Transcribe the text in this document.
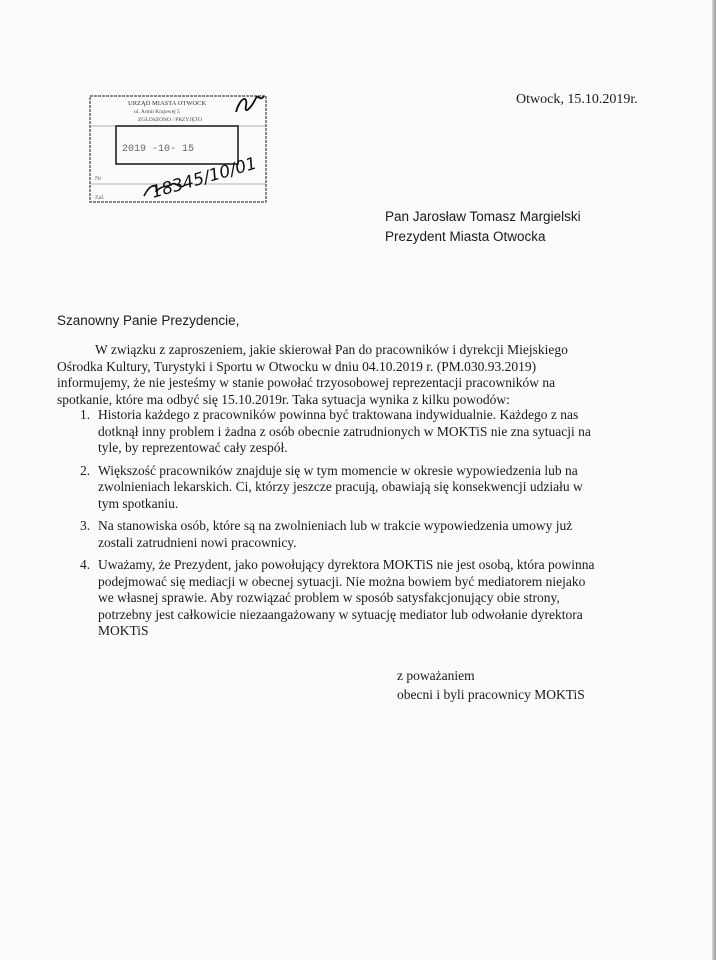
URZĄD MIASTA OTWOCK
ul. Armii Krajowej 5
ZGŁOSZONO / PRZYJĘTO
2019 -10- 15
Nr
Zał.	18345/10/01
Otwock, 15.10.2019r.
Pan Jarosław Tomasz Margielski
Prezydent Miasta Otwocka
Szanowny Panie Prezydencie,
W związku z zaproszeniem, jakie skierował Pan do pracowników i dyrekcji Miejskiego
Ośrodka Kultury, Turystyki i Sportu w Otwocku w dniu 04.10.2019 r. (PM.030.93.2019)
informujemy, że nie jesteśmy w stanie powołać trzyosobowej reprezentacji pracowników na
spotkanie, które ma odbyć się 15.10.2019r. Taka sytuacja wynika z kilku powodów:
1. Historia każdego z pracowników powinna być traktowana indywidualnie. Każdego z nas
dotknął inny problem i żadna z osób obecnie zatrudnionych w MOKTiS nie zna sytuacji na
tyle, by reprezentować cały zespół.
2. Większość pracowników znajduje się w tym momencie w okresie wypowiedzenia lub na
zwolnieniach lekarskich. Ci, którzy jeszcze pracują, obawiają się konsekwencji udziału w
tym spotkaniu.
3. Na stanowiska osób, które są na zwolnieniach lub w trakcie wypowiedzenia umowy już
zostali zatrudnieni nowi pracownicy.
4. Uważamy, że Prezydent, jako powołujący dyrektora MOKTiS nie jest osobą, która powinna
podejmować się mediacji w obecnej sytuacji. Nie można bowiem być mediatorem niejako
we własnej sprawie. Aby rozwiązać problem w sposób satysfakcjonujący obie strony,
potrzebny jest całkowicie niezaangażowany w sytuację mediator lub odwołanie dyrektora
MOKTiS
z poważaniem
obecni i byli pracownicy MOKTiS
